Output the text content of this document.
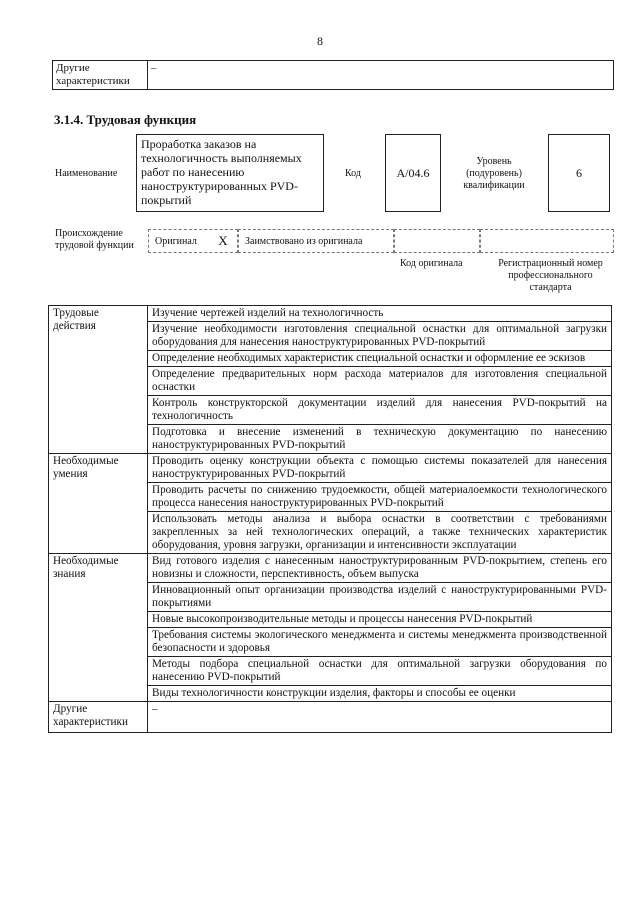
8
Другие характеристики	–
3.1.4. Трудовая функция
Наименование
Проработка заказов на технологичность выполняемых работ по нанесению наноструктурированных PVD-покрытий
Код	А/04.6
Уровень (подуровень) квалификации
6
Происхождение трудовой функции	Оригинал	X	Заимствовано из оригинала
Код оригинала	Регистрационный номер профессионального стандарта
Трудовые действия	Изучение чертежей изделий на технологичность
	Изучение необходимости изготовления специальной оснастки для оптимальной загрузки оборудования для нанесения наноструктурированных PVD-покрытий
	Определение необходимых характеристик специальной оснастки и оформление ее эскизов
	Определение предварительных норм расхода материалов для изготовления специальной оснастки
	Контроль конструкторской документации изделий для нанесения PVD-покрытий на технологичность
	Подготовка и внесение изменений в техническую документацию по нанесению наноструктурированных PVD-покрытий
Необходимые умения	Проводить оценку конструкции объекта с помощью системы показателей для нанесения наноструктурированных PVD-покрытий
	Проводить расчеты по снижению трудоемкости, общей материалоемкости технологического процесса нанесения наноструктурированных PVD-покрытий
	Использовать методы анализа и выбора оснастки в соответствии с требованиями закрепленных за ней технологических операций, а также технических характеристик оборудования, уровня загрузки, организации и интенсивности эксплуатации
Необходимые знания	Вид готового изделия с нанесенным наноструктурированным PVD-покрытием, степень его новизны и сложности, перспективность, объем выпуска
	Инновационный опыт организации производства изделий с наноструктурированными PVD-покрытиями
	Новые высокопроизводительные методы и процессы нанесения PVD-покрытий
	Требования системы экологического менеджмента и системы менеджмента производственной безопасности и здоровья
	Методы подбора специальной оснастки для оптимальной загрузки оборудования по нанесению PVD-покрытий
	Виды технологичности конструкции изделия, факторы и способы ее оценки
Другие характеристики	–
